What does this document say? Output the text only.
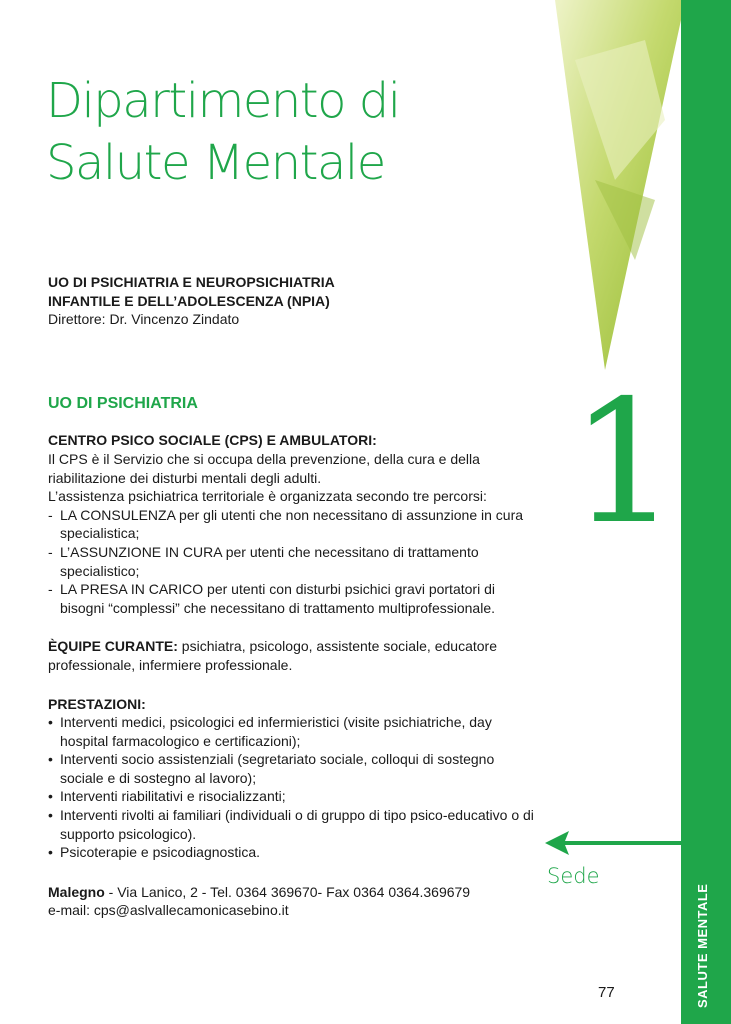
SALUTE MENTALE
1
Sede
Dipartimento di
Salute Mentale

UO DI PSICHIATRIA E NEUROPSICHIATRIA

INFANTILE E DELL’ADOLESCENZA (NPIA)

Direttore: Dr. Vincenzo Zindato

UO DI PSICHIATRIA

CENTRO PSICO SOCIALE (CPS) E AMBULATORI:

Il CPS è il Servizio che si occupa della prevenzione, della cura e della riabilitazione dei disturbi mentali degli adulti.

L’assistenza psichiatrica territoriale è organizzata secondo tre percorsi:

- LA CONSULENZA per gli utenti che non necessitano di assunzione in cura specialistica;

- L’ASSUNZIONE IN CURA per utenti che necessitano di trattamento specialistico;

- LA PRESA IN CARICO per utenti con disturbi psichici gravi portatori di bisogni “complessi” che necessitano di trattamento multiprofessionale.

ÈQUIPE CURANTE: psichiatra, psicologo, assistente sociale, educatore professionale, infermiere professionale.

PRESTAZIONI:

• Interventi medici, psicologici ed infermieristici (visite psichiatriche, day hospital farmacologico e certificazioni);

• Interventi socio assistenziali (segretariato sociale, colloqui di sostegno sociale e di sostegno al lavoro);

• Interventi riabilitativi e risocializzanti;

• Interventi rivolti ai familiari (individuali o di gruppo di tipo psico-educativo o di supporto psicologico).

• Psicoterapie e psicodiagnostica.

Malegno - Via Lanico, 2 - Tel. 0364 369670- Fax 0364 0364.369679

e-mail: cps@aslvallecamonicasebino.it

77
